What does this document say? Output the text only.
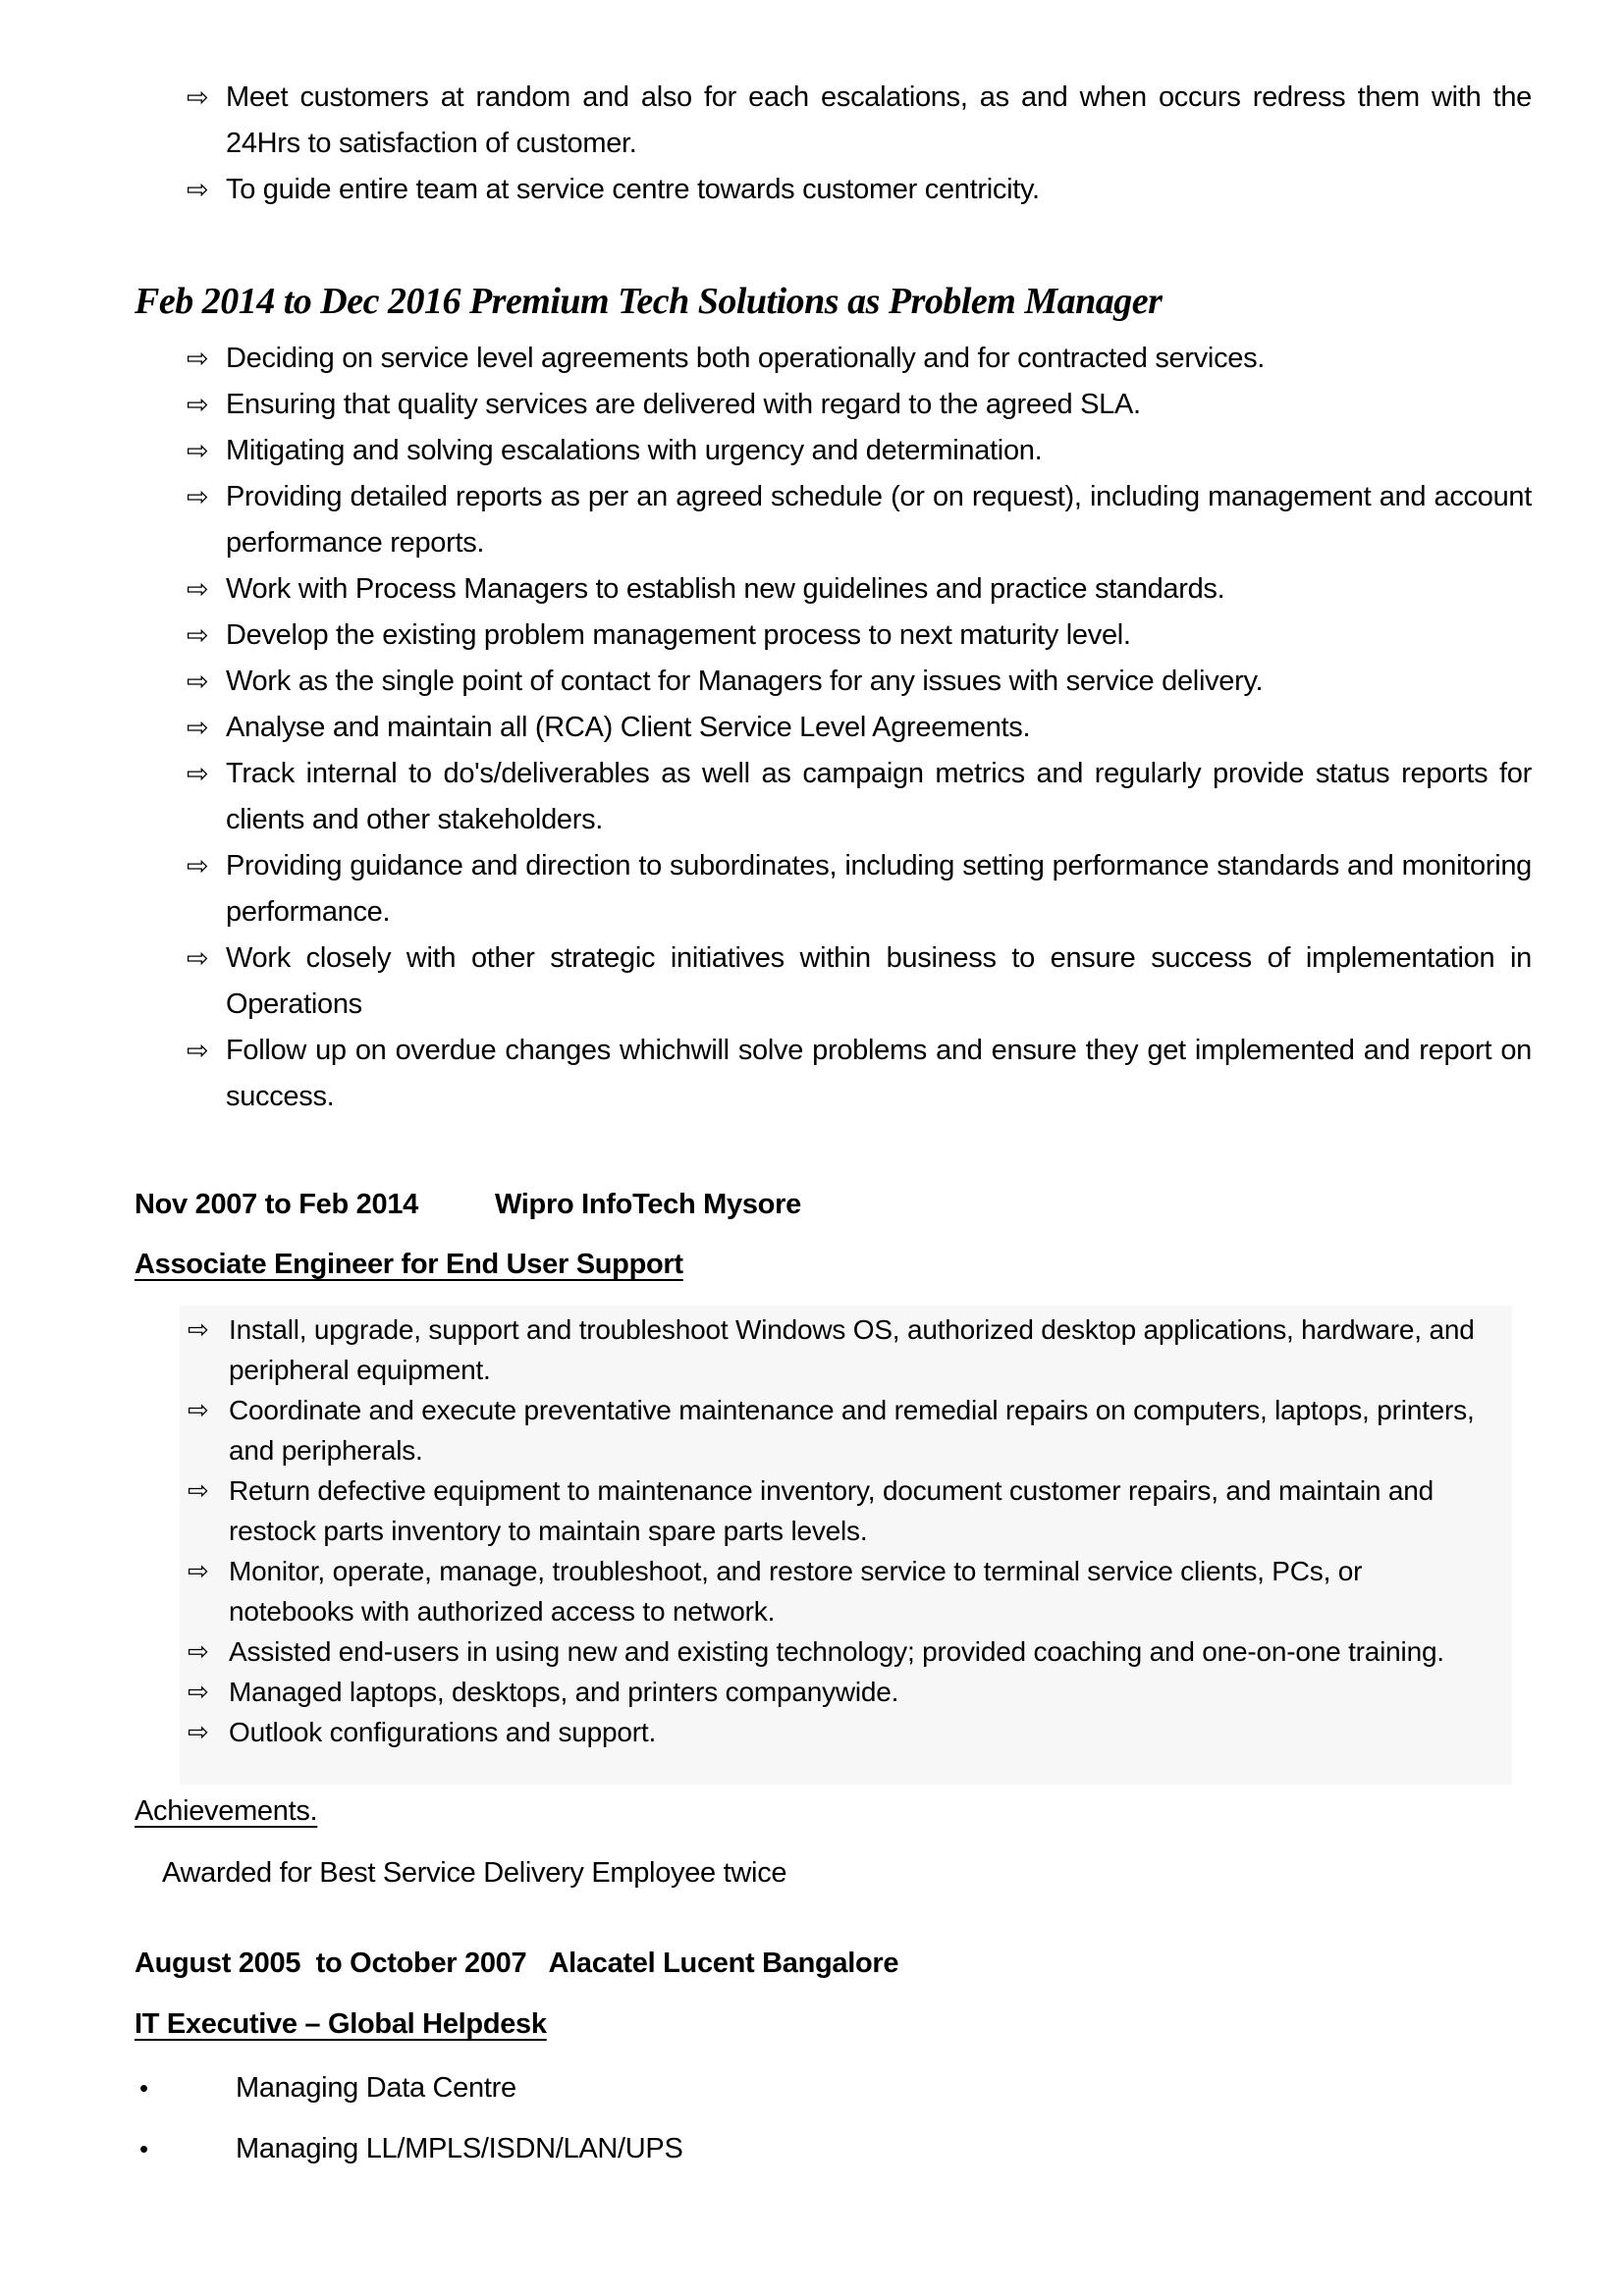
⇨ Meet customers at random and also for each escalations, as and when occurs redress them with the 24Hrs to satisfaction of customer.
⇨ To guide entire team at service centre towards customer centricity.
Feb 2014 to Dec 2016 Premium Tech Solutions as Problem Manager
⇨ Deciding on service level agreements both operationally and for contracted services.
⇨ Ensuring that quality services are delivered with regard to the agreed SLA.
⇨ Mitigating and solving escalations with urgency and determination.
⇨ Providing detailed reports as per an agreed schedule (or on request), including management and account performance reports.
⇨ Work with Process Managers to establish new guidelines and practice standards.
⇨ Develop the existing problem management process to next maturity level.
⇨ Work as the single point of contact for Managers for any issues with service delivery.
⇨ Analyse and maintain all (RCA) Client Service Level Agreements.
⇨ Track internal to do's/deliverables as well as campaign metrics and regularly provide status reports for clients and other stakeholders.
⇨ Providing guidance and direction to subordinates, including setting performance standards and monitoring performance.
⇨ Work closely with other strategic initiatives within business to ensure success of implementation in Operations
⇨ Follow up on overdue changes whichwill solve problems and ensure they get implemented and report on success.

Nov 2007 to Feb 2014	Wipro InfoTech Mysore

Associate Engineer for End User Support

⇨ Install, upgrade, support and troubleshoot Windows OS, authorized desktop applications, hardware, and peripheral equipment.
⇨ Coordinate and execute preventative maintenance and remedial repairs on computers, laptops, printers, and peripherals.
⇨ Return defective equipment to maintenance inventory, document customer repairs, and maintain and restock parts inventory to maintain spare parts levels.
⇨ Monitor, operate, manage, troubleshoot, and restore service to terminal service clients, PCs, or notebooks with authorized access to network.
⇨ Assisted end-users in using new and existing technology; provided coaching and one-on-one training.
⇨ Managed laptops, desktops, and printers companywide.
⇨ Outlook configurations and support.

Achievements.

Awarded for Best Service Delivery Employee twice

August 2005  to October 2007   Alacatel Lucent Bangalore

IT Executive – Global Helpdesk

•	Managing Data Centre
•	Managing LL/MPLS/ISDN/LAN/UPS
